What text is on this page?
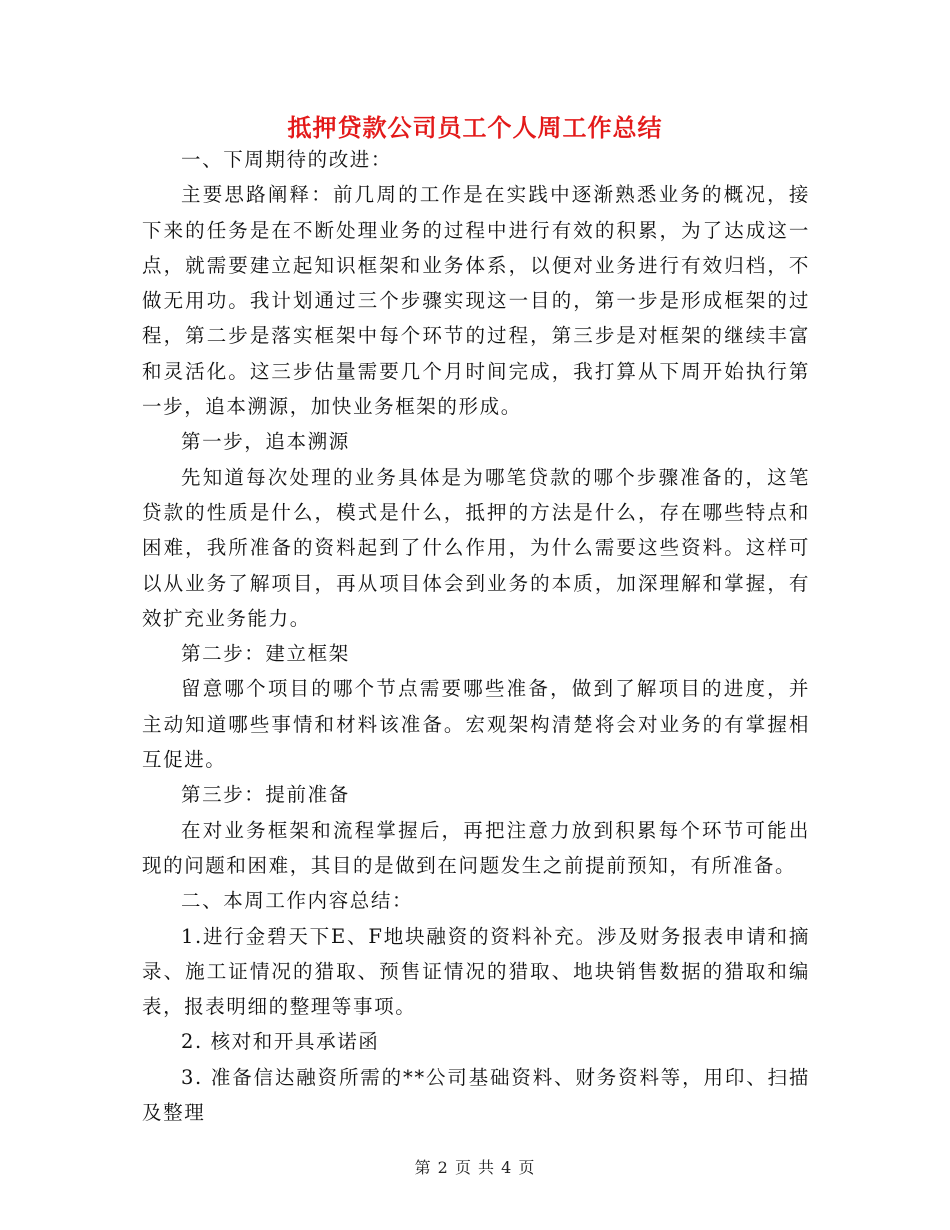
抵押贷款公司员工个人周工作总结

一、下周期待的改进：

主要思路阐释：前几周的工作是在实践中逐渐熟悉业务的概况，接下来的任务是在不断处理业务的过程中进行有效的积累，为了达成这一点，就需要建立起知识框架和业务体系，以便对业务进行有效归档，不做无用功。我计划通过三个步骤实现这一目的，第一步是形成框架的过程，第二步是落实框架中每个环节的过程，第三步是对框架的继续丰富和灵活化。这三步估量需要几个月时间完成，我打算从下周开始执行第一步，追本溯源，加快业务框架的形成。

第一步，追本溯源

先知道每次处理的业务具体是为哪笔贷款的哪个步骤准备的，这笔贷款的性质是什么，模式是什么，抵押的方法是什么，存在哪些特点和困难，我所准备的资料起到了什么作用，为什么需要这些资料。这样可以从业务了解项目，再从项目体会到业务的本质，加深理解和掌握，有效扩充业务能力。

第二步：建立框架

留意哪个项目的哪个节点需要哪些准备，做到了解项目的进度，并主动知道哪些事情和材料该准备。宏观架构清楚将会对业务的有掌握相互促进。

第三步：提前准备

在对业务框架和流程掌握后，再把注意力放到积累每个环节可能出现的问题和困难，其目的是做到在问题发生之前提前预知，有所准备。

二、本周工作内容总结：

1.进行金碧天下E、F地块融资的资料补充。涉及财务报表申请和摘录、施工证情况的猎取、预售证情况的猎取、地块销售数据的猎取和编表，报表明细的整理等事项。

2. 核对和开具承诺函

3. 准备信达融资所需的**公司基础资料、财务资料等，用印、扫描及整理

第 2 页 共 4 页
